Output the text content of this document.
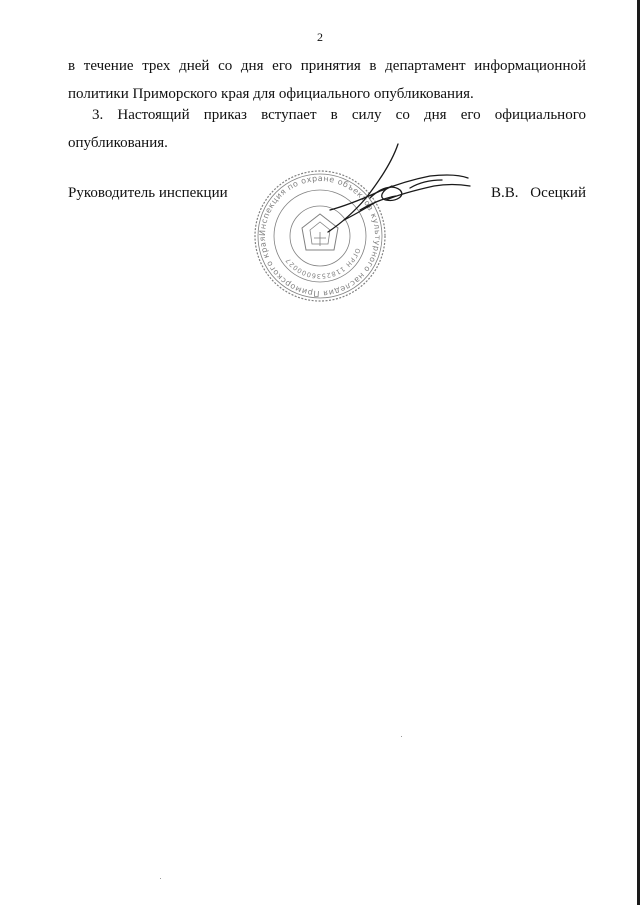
2
в течение трех дней со дня его принятия в департамент информационной
политики Приморского края для официального опубликования.
3. Настоящий приказ вступает в силу со дня его официального
опубликования.
Руководитель инспекции	В.В. Осецкий
Инспекция по охране объектов культурного наследия Приморского края
ОГРН 1182536000027
